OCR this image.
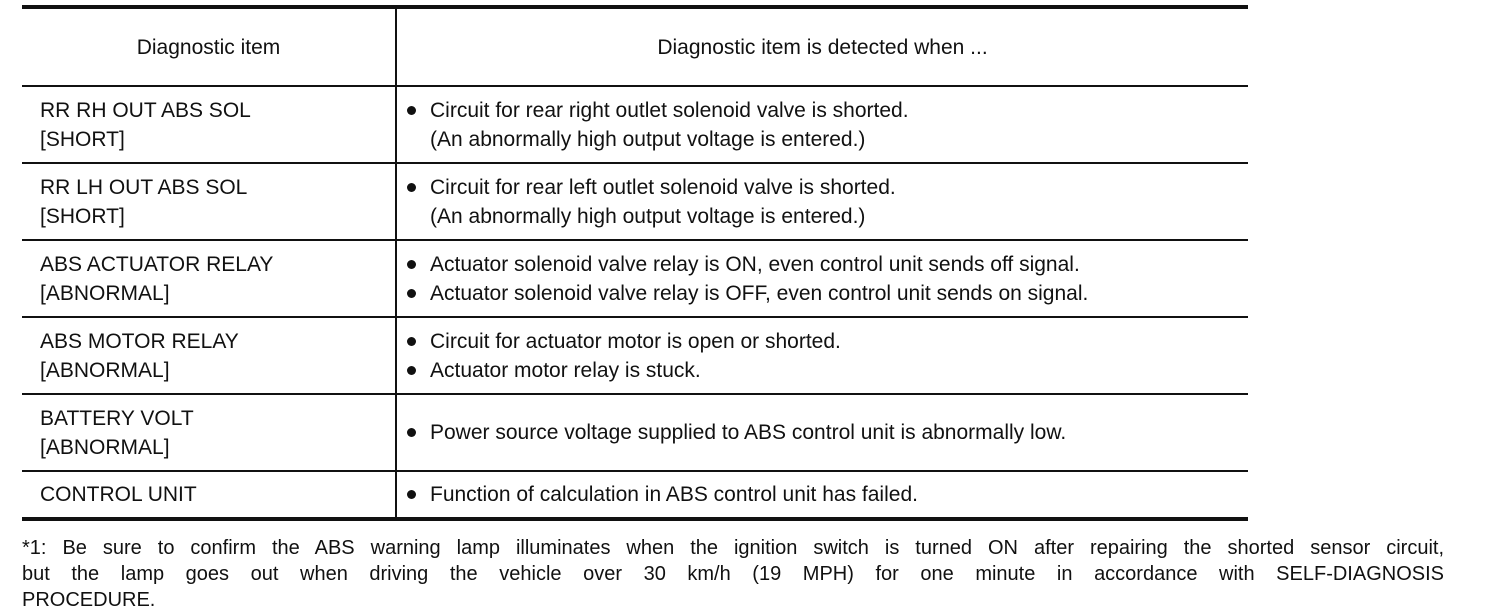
Diagnostic item	Diagnostic item is detected when ...

RR RH OUT ABS SOL
[SHORT]	Circuit for rear right outlet solenoid valve is shorted.
(An abnormally high output voltage is entered.)

RR LH OUT ABS SOL
[SHORT]	Circuit for rear left outlet solenoid valve is shorted.
(An abnormally high output voltage is entered.)

ABS ACTUATOR RELAY
[ABNORMAL]	Actuator solenoid valve relay is ON, even control unit sends off signal.
Actuator solenoid valve relay is OFF, even control unit sends on signal.

ABS MOTOR RELAY
[ABNORMAL]	Circuit for actuator motor is open or shorted.
Actuator motor relay is stuck.

BATTERY VOLT
[ABNORMAL]	Power source voltage supplied to ABS control unit is abnormally low.

CONTROL UNIT	Function of calculation in ABS control unit has failed.
*1: Be sure to confirm the ABS warning lamp illuminates when the ignition switch is turned ON after repairing the shorted sensor circuit,
but the lamp goes out when driving the vehicle over 30 km/h (19 MPH) for one minute in accordance with SELF-DIAGNOSIS
PROCEDURE.
